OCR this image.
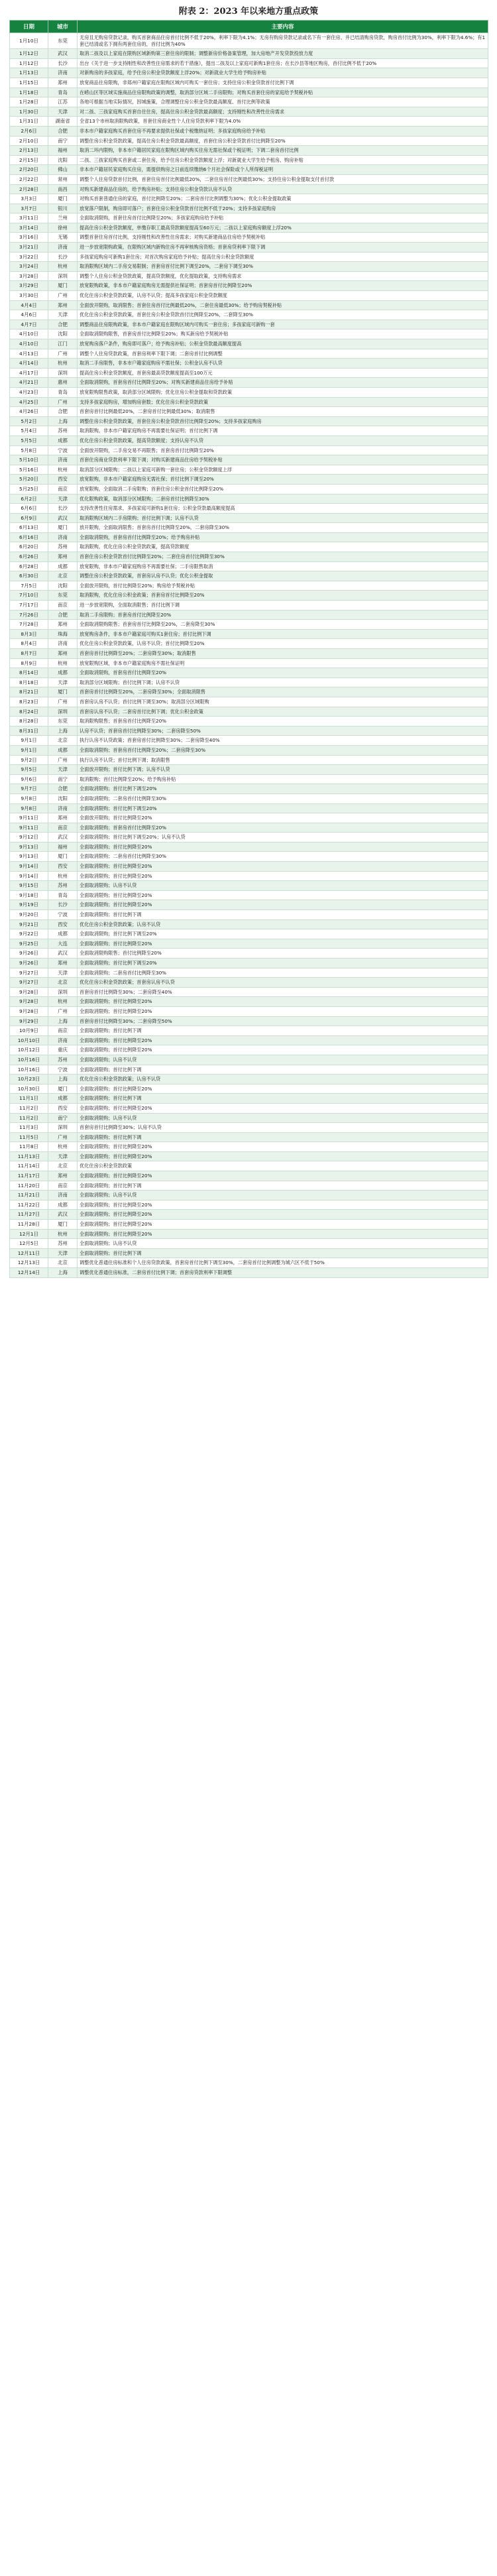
附表 2：2023 年以来地方重点政策
日期	城市	主要内容
1月10日	东莞	无房且无购房贷款记录，购买首套商品住房首付比例不低于20%，利率下限为4.1%；无房有购房贷款记录或名下有一套住房、并已结清购房贷款，购房首付比例为30%，利率下限为4.6%；有1套已结清或名下拥有两套住房的，首付比例为40%
1月12日	武汉	取消二孩及以上家庭在限购区域新购第三套住房的限制；调整新房价格备案管理，加大房地产开发贷款投放力度
1月12日	长沙	出台《关于进一步支持刚性和改善性住房需求的若干措施》，提出二孩及以上家庭可新购1套住房；在长沙县等地区购房，首付比例不低于20%
1月13日	济南	对新购房的多孩家庭，给予住房公积金贷款额度上浮20%；对新就业大学生给予购房补贴
1月15日	郑州	放宽商品住房限购，非郑州户籍家庭在限购区域内可购买一套住房；支持住房公积金贷款首付比例下调
1月18日	青岛	在崂山区等区域实施商品住房限购政策的调整，取消部分区域二手房限购；对购买首套住房的家庭给予契税补贴
1月28日	江苏	各地可根据当地实际情况，因城施策，合理调整住房公积金贷款最高额度、首付比例等政策
1月30日	天津	对二孩、三孩家庭购买首套自住住房，提高住房公积金贷款最高额度；支持刚性和改善性住房需求
1月31日	湖南省	全省13个市州取消限购政策，首套住房商业性个人住房贷款利率下限为4.0%
2月6日	合肥	非本市户籍家庭购买首套住房不再要求提供社保或个税缴纳证明；多孩家庭购房给予补贴
2月10日	南宁	调整住房公积金贷款政策，提高住房公积金贷款最高额度，首套住房公积金贷款首付比例降至20%
2月13日	福州	取消二环内限购，非本市户籍居民家庭在限购区域内购买住房无需社保或个税证明；下调二套房首付比例
2月15日	沈阳	二孩、三孩家庭购买首套或二套住房，给予住房公积金贷款额度上浮；对新就业大学生给予租房、购房补贴
2月20日	佛山	非本市户籍居民家庭购买住房，需提供购房之日前连续缴纳6个月社会保险或个人所得税证明
2月22日	常州	调整个人住房贷款首付比例，首套住房首付比例最低20%，二套住房首付比例最低30%；支持住房公积金提取支付首付款
2月28日	南昌	对购买新建商品住房的，给予购房补贴；支持住房公积金贷款认房不认贷
3月3日	厦门	对购买首套普通住房的家庭，首付比例降至20%；二套房首付比例调整为30%；优化公积金提取政策
3月7日	银川	放宽落户限制，购房即可落户；首套住房公积金贷款首付比例不低于20%；支持多孩家庭购房
3月11日	兰州	全面取消限购，首套住房首付比例降至20%；多孩家庭购房给予补贴
3月14日	徐州	提高住房公积金贷款额度，单缴存职工最高贷款额度提高至60万元；二孩以上家庭购房额度上浮20%
3月16日	无锡	调整首套住房首付比例，支持刚性和改善性住房需求；对购买新建商品住房给予契税补贴
3月21日	济南	进一步放宽限购政策，在限购区域内新购住房不再审核购房资格；首套房贷利率下限下调
3月22日	长沙	多孩家庭购房可新购1套住房；对首次购房家庭给予补贴；提高住房公积金贷款额度
3月24日	杭州	取消限购区域内二手房交易限制；首套房首付比例下调至20%，二套房下调至30%
3月28日	深圳	调整个人住房公积金贷款政策，提高贷款额度，优化提取政策，支持购房需求
3月29日	厦门	放宽限购政策，非本市户籍家庭购房无需提供社保证明；首套房首付比例降至20%
3月30日	广州	优化住房公积金贷款政策，认房不认贷；提高多孩家庭公积金贷款额度
4月4日	郑州	全面放开限购，取消限售；首套住房首付比例最低20%，二套住房最低30%；给予购房契税补贴
4月6日	天津	优化住房公积金贷款政策，首套住房公积金贷款首付比例降至20%，二套降至30%
4月7日	合肥	调整商品住房限购政策，非本市户籍家庭在限购区域内可购买一套住房；多孩家庭可新购一套
4月10日	沈阳	全面取消限购限售，首套房首付比例降至20%；购买新房给予契税补贴
4月10日	江门	放宽购房落户条件，购房即可落户；给予购房补贴；公积金贷款最高额度提高
4月13日	广州	调整个人住房贷款政策，首套房利率下限下调；二套房首付比例调整
4月14日	杭州	取消二手房限售，非本市户籍家庭购房不需社保；公积金认房不认贷
4月17日	深圳	提高住房公积金贷款额度，首套房最高贷款额度提高至100万元
4月21日	惠州	全面取消限购，首套房首付比例降至20%；对购买新建商品住房给予补贴
4月23日	青岛	放宽限购限售政策，取消部分区域限购；优化住房公积金提取和贷款政策
4月25日	广州	支持多孩家庭购房，增加购房套数；优化住房公积金贷款政策
4月26日	合肥	首套房首付比例最低20%，二套房首付比例最低30%；取消限售
5月2日	上海	调整住房公积金贷款政策，首套住房公积金贷款首付比例降至20%；支持多孩家庭购房
5月4日	苏州	取消限购，非本市户籍家庭购房不再需要社保证明；首付比例下调
5月5日	成都	优化住房公积金贷款政策，提高贷款额度；支持认房不认贷
5月8日	宁波	全面放开限购，二手房交易不再限售；首套房首付比例降至20%
5月10日	济南	首套住房商业贷款利率下限下调；对购买新建商品住房给予契税补贴
5月16日	杭州	取消部分区域限购；二孩以上家庭可新购一套住房；公积金贷款额度上浮
5月20日	西安	放宽限购，非本市户籍家庭购房无需社保；首付比例下调至20%
5月25日	南京	放宽限购，全面取消二手房限购；首套住房公积金首付比例降至20%
6月2日	天津	优化限购政策，取消部分区域限购；二套房首付比例降至30%
6月6日	长沙	支持改善性住房需求，多孩家庭可新购1套住房；公积金贷款最高额度提高
6月9日	武汉	取消限购区域内二手房限购；首付比例下调；认房不认贷
6月13日	厦门	放开限购，全面取消限售；首套房首付比例降至20%，二套房降至30%
6月16日	济南	全面取消限购，首套房首付比例降至20%；给予购房补贴
6月20日	苏州	取消限购，优化住房公积金贷款政策，提高贷款额度
6月26日	郑州	首套住房公积金贷款首付比例降至20%；二套住房首付比例降至30%
6月28日	成都	放宽限购，非本市户籍家庭购房不再需要社保；二手房限售取消
6月30日	北京	调整住房公积金贷款政策，首套房认房不认贷；优化公积金提取
7月5日	沈阳	全面放开限购，首付比例降至20%；购房给予契税补贴
7月10日	东莞	取消限购，优化住房公积金政策；首套房首付比例降至20%
7月17日	南京	进一步放宽限购，全面取消限售；首付比例下调
7月26日	合肥	取消二手房限购；首套房首付比例降至20%
7月28日	郑州	全面取消限购限售；首套房首付比例降至20%，二套房降至30%
8月3日	珠海	放宽购房条件，非本市户籍家庭可购买1套住房；首付比例下调
8月4日	济南	优化住房公积金贷款政策，认房不认贷；首付比例降至20%
8月7日	郑州	首套房首付比例降至20%；二套房降至30%；取消限售
8月9日	杭州	放宽限购区域，非本市户籍家庭购房不需社保证明
8月14日	成都	全面取消限购，首套房首付比例降至20%
8月18日	天津	取消部分区域限购；首付比例下调；认房不认贷
8月21日	厦门	首套房首付比例降至20%，二套房降至30%；全面取消限售
8月23日	广州	首套房认房不认贷；首付比例下调至30%；取消部分区域限购
8月24日	深圳	首套房认房不认贷；二套房首付比例下调；优化公积金政策
8月28日	东莞	取消限购限售；首套房首付比例降至20%
8月31日	上海	认房不认贷；首套房首付比例降至30%；二套房降至50%
9月1日	北京	执行认房不认贷政策；首套房首付比例降至30%；二套房降至40%
9月1日	成都	全面取消限购；首套房首付比例降至20%；二套房降至30%
9月2日	广州	执行认房不认贷；首付比例下调；取消限售
9月5日	天津	全面放开限购；首付比例下调；认房不认贷
9月6日	南宁	取消限购；首付比例降至20%；给予购房补贴
9月7日	合肥	全面取消限购；首付比例下调至20%
9月8日	沈阳	全面取消限购；二套房首付比例降至30%
9月8日	济南	全面取消限购；首付比例下调至20%
9月11日	郑州	全面放开限购；首付比例降至20%
9月11日	南京	全面取消限购；首套房首付比例降至20%
9月12日	武汉	全面取消限购；首付比例下调至20%；认房不认贷
9月13日	福州	全面取消限购；首付比例降至20%
9月13日	厦门	全面取消限购；二套房首付比例降至30%
9月14日	西安	全面取消限购；首付比例降至20%
9月14日	杭州	全面取消限购；首付比例降至20%
9月15日	苏州	全面取消限购；认房不认贷
9月18日	青岛	全面取消限购；首付比例降至20%
9月19日	长沙	全面取消限购；首付比例降至20%
9月20日	宁波	全面取消限购；首付比例下调
9月21日	西安	优化住房公积金贷款政策；认房不认贷
9月22日	成都	全面取消限购；首付比例下调至20%
9月25日	大连	全面取消限购；首付比例降至20%
9月26日	武汉	全面取消限购限售；首付比例降至20%
9月26日	郑州	全面取消限购；首付比例下调至20%
9月27日	天津	全面取消限购；二套房首付比例降至30%
9月27日	北京	优化住房公积金贷款政策；首套房认房不认贷
9月28日	深圳	首套房首付比例降至30%；二套房降至40%
9月28日	杭州	全面取消限购；首付比例降至20%
9月28日	广州	全面取消限购；首付比例降至20%
9月29日	上海	首套房首付比例降至30%；二套房降至50%
10月9日	南京	全面取消限购；首付比例下调
10月10日	济南	全面取消限购；首付比例降至20%
10月12日	重庆	全面取消限购；首付比例降至20%
10月16日	苏州	全面取消限购；认房不认贷
10月16日	宁波	全面取消限购；首付比例下调
10月23日	上海	优化住房公积金贷款政策；认房不认贷
10月30日	厦门	全面取消限购；首付比例降至20%
11月1日	成都	全面取消限购；首付比例下调
11月2日	西安	全面取消限购；首付比例降至20%
11月2日	南宁	全面取消限购；认房不认贷
11月3日	深圳	首套房首付比例降至30%；认房不认贷
11月5日	广州	全面取消限购；首付比例下调
11月8日	杭州	全面取消限购；首付比例降至20%
11月13日	天津	全面取消限购；首付比例降至20%
11月14日	北京	优化住房公积金贷款政策
11月17日	郑州	全面取消限购；首付比例降至20%
11月20日	南京	全面取消限购；首付比例下调
11月21日	济南	全面取消限购；认房不认贷
11月22日	成都	全面取消限购；首付比例降至20%
11月27日	武汉	全面取消限购；首付比例降至20%
11月28日	厦门	全面取消限购；首付比例降至20%
12月1日	杭州	全面取消限购；首付比例降至20%
12月5日	苏州	全面取消限购；认房不认贷
12月11日	天津	全面取消限购；首付比例下调
12月13日	北京	调整优化普通住房标准和个人住房贷款政策，首套房首付比例下调至30%，二套房首付比例调整为城六区不低于50%
12月14日	上海	调整优化普通住房标准，二套房首付比例下调；首套房贷款利率下限调整
